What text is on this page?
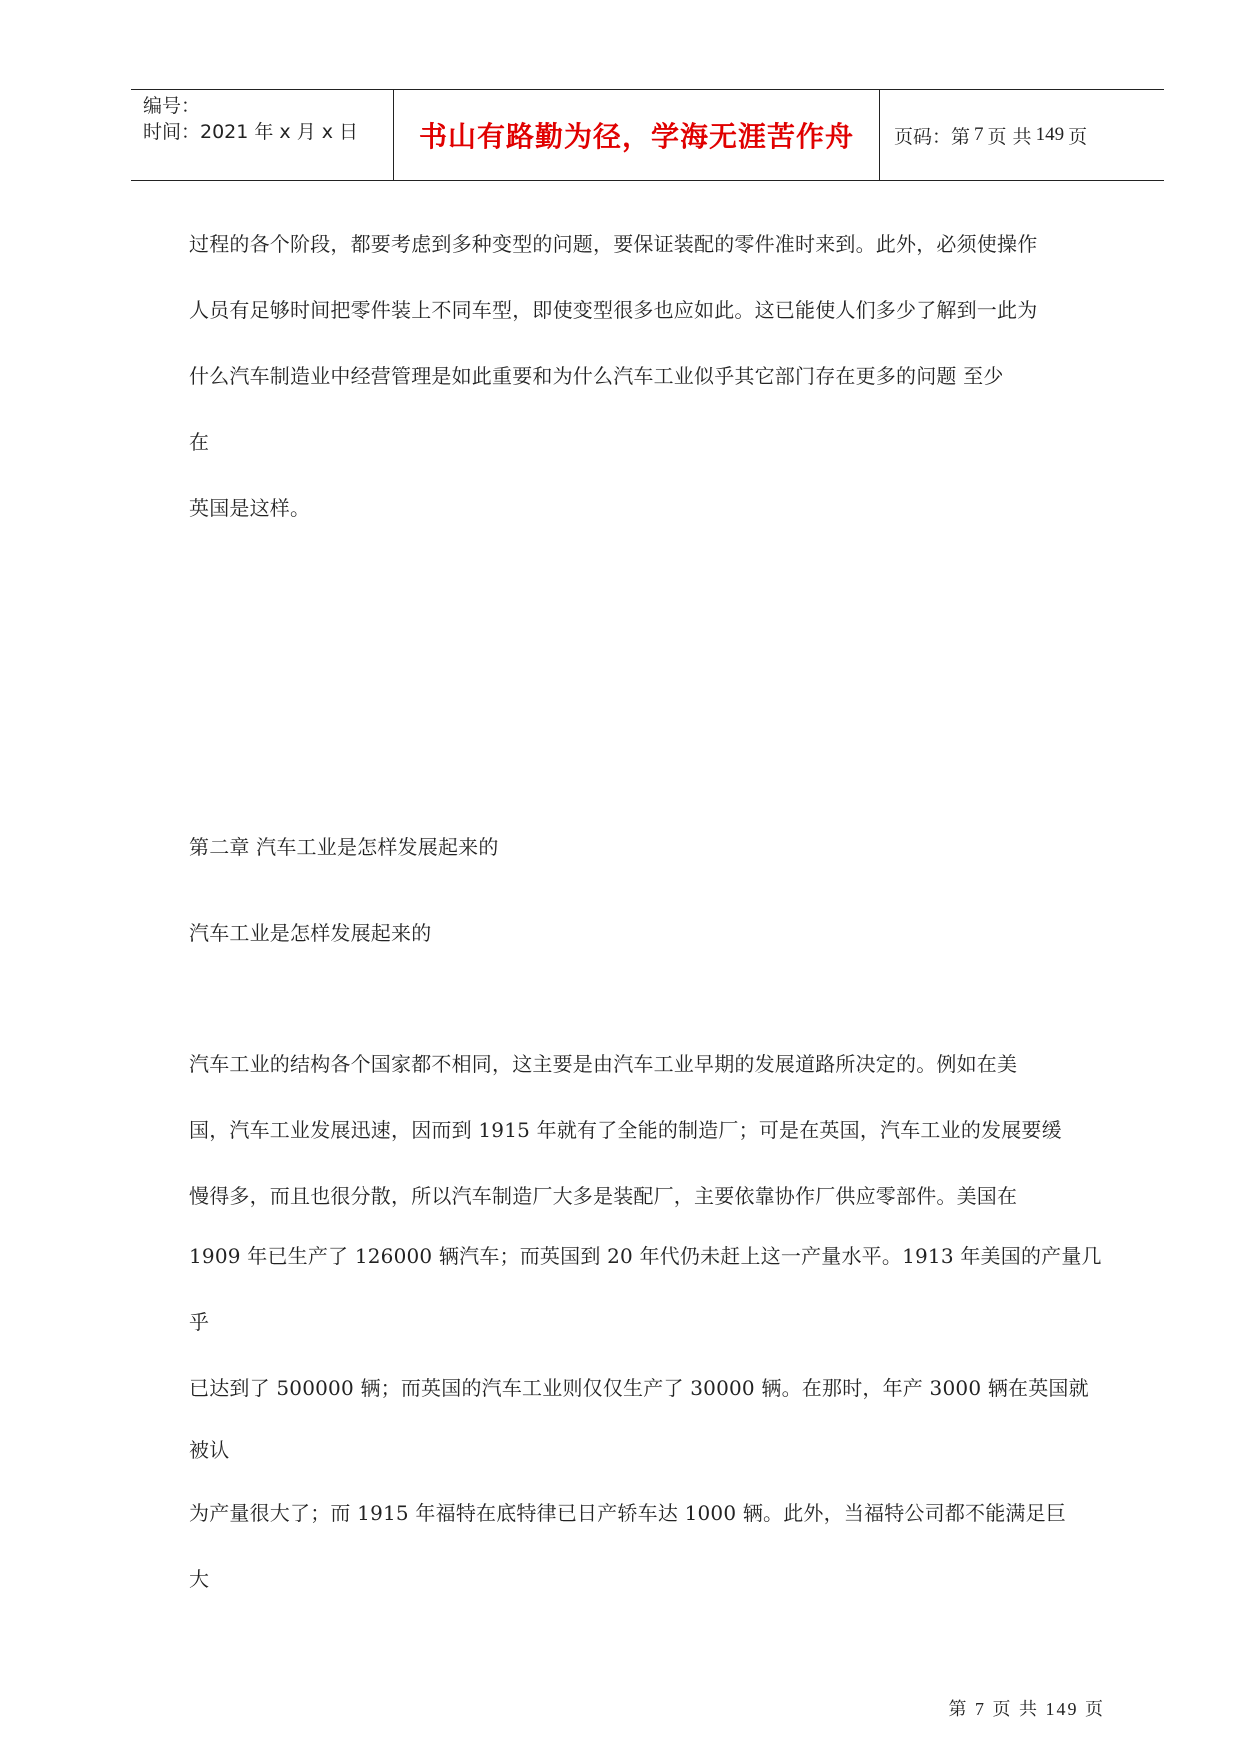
编号：
时间：2021 年 x 月 x 日	书山有路勤为径，学海无涯苦作舟 页码：第 7 页 共 149 页
过程的各个阶段，都要考虑到多种变型的问题，要保证装配的零件准时来到。此外，必须使操作
人员有足够时间把零件装上不同车型，即使变型很多也应如此。这已能使人们多少了解到一此为
什么汽车制造业中经营管理是如此重要和为什么汽车工业似乎其它部门存在更多的问题 至少
在
英国是这样。
第二章 汽车工业是怎样发展起来的
汽车工业是怎样发展起来的
汽车工业的结构各个国家都不相同，这主要是由汽车工业早期的发展道路所决定的。例如在美
国，汽车工业发展迅速，因而到 1915 年就有了全能的制造厂；可是在英国，汽车工业的发展要缓
慢得多，而且也很分散，所以汽车制造厂大多是装配厂，主要依靠协作厂供应零部件。美国在
1909 年已生产了 126000 辆汽车；而英国到 20 年代仍未赶上这一产量水平。1913 年美国的产量几
乎
已达到了 500000 辆；而英国的汽车工业则仅仅生产了 30000 辆。在那时，年产 3000 辆在英国就
被认
为产量很大了；而 1915 年福特在底特律已日产轿车达 1000 辆。此外，当福特公司都不能满足巨
大
第 7 页 共 149 页
